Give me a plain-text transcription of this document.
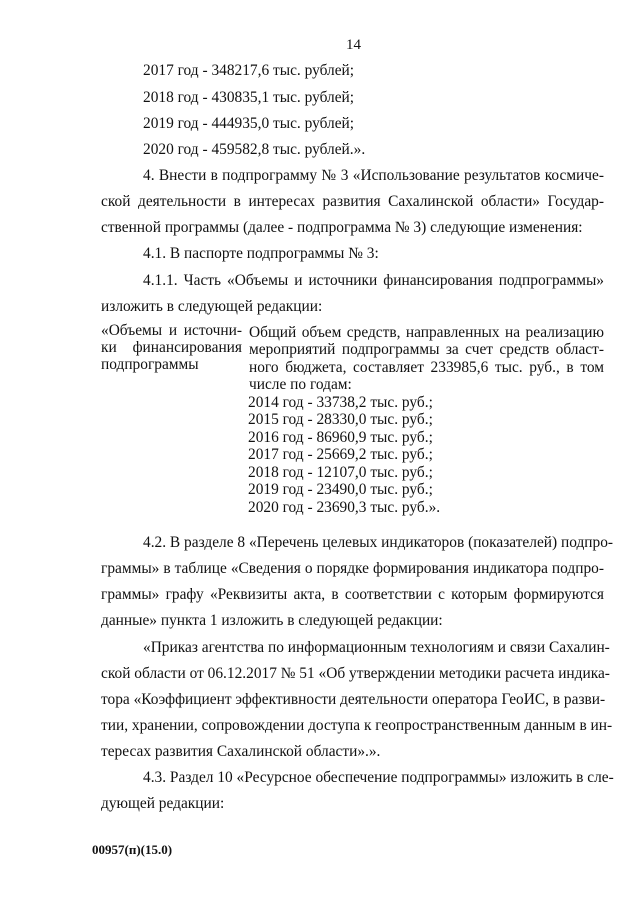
14
2017 год - 348217,6 тыс. рублей;
2018 год - 430835,1 тыс. рублей;
2019 год - 444935,0 тыс. рублей;
2020 год - 459582,8 тыс. рублей.».
4. Внести в подпрограмму № 3 «Использование результатов космиче-
ской деятельности в интересах развития Сахалинской области» Государ-
ственной программы (далее - подпрограмма № 3) следующие изменения:
4.1. В паспорте подпрограммы № 3:
4.1.1. Часть «Объемы и источники финансирования подпрограммы»
изложить в следующей редакции:
«Объемы и источни-
ки финансирования
подпрограммы
Общий объем средств, направленных на реализацию
мероприятий подпрограммы за счет средств област-
ного бюджета, составляет 233985,6 тыс. руб., в том
числе по годам:
2014 год - 33738,2 тыс. руб.;
2015 год - 28330,0 тыс. руб.;
2016 год - 86960,9 тыс. руб.;
2017 год - 25669,2 тыс. руб.;
2018 год - 12107,0 тыс. руб.;
2019 год - 23490,0 тыс. руб.;
2020 год - 23690,3 тыс. руб.».
4.2. В разделе 8 «Перечень целевых индикаторов (показателей) подпро-
граммы» в таблице «Сведения о порядке формирования индикатора подпро-
граммы» графу «Реквизиты акта, в соответствии с которым формируются
данные» пункта 1 изложить в следующей редакции:
«Приказ агентства по информационным технологиям и связи Сахалин-
ской области от 06.12.2017 № 51 «Об утверждении методики расчета индика-
тора «Коэффициент эффективности деятельности оператора ГеоИС, в разви-
тии, хранении, сопровождении доступа к геопространственным данным в ин-
тересах развития Сахалинской области».».
4.3. Раздел 10 «Ресурсное обеспечение подпрограммы» изложить в сле-
дующей редакции:
00957(п)(15.0)
